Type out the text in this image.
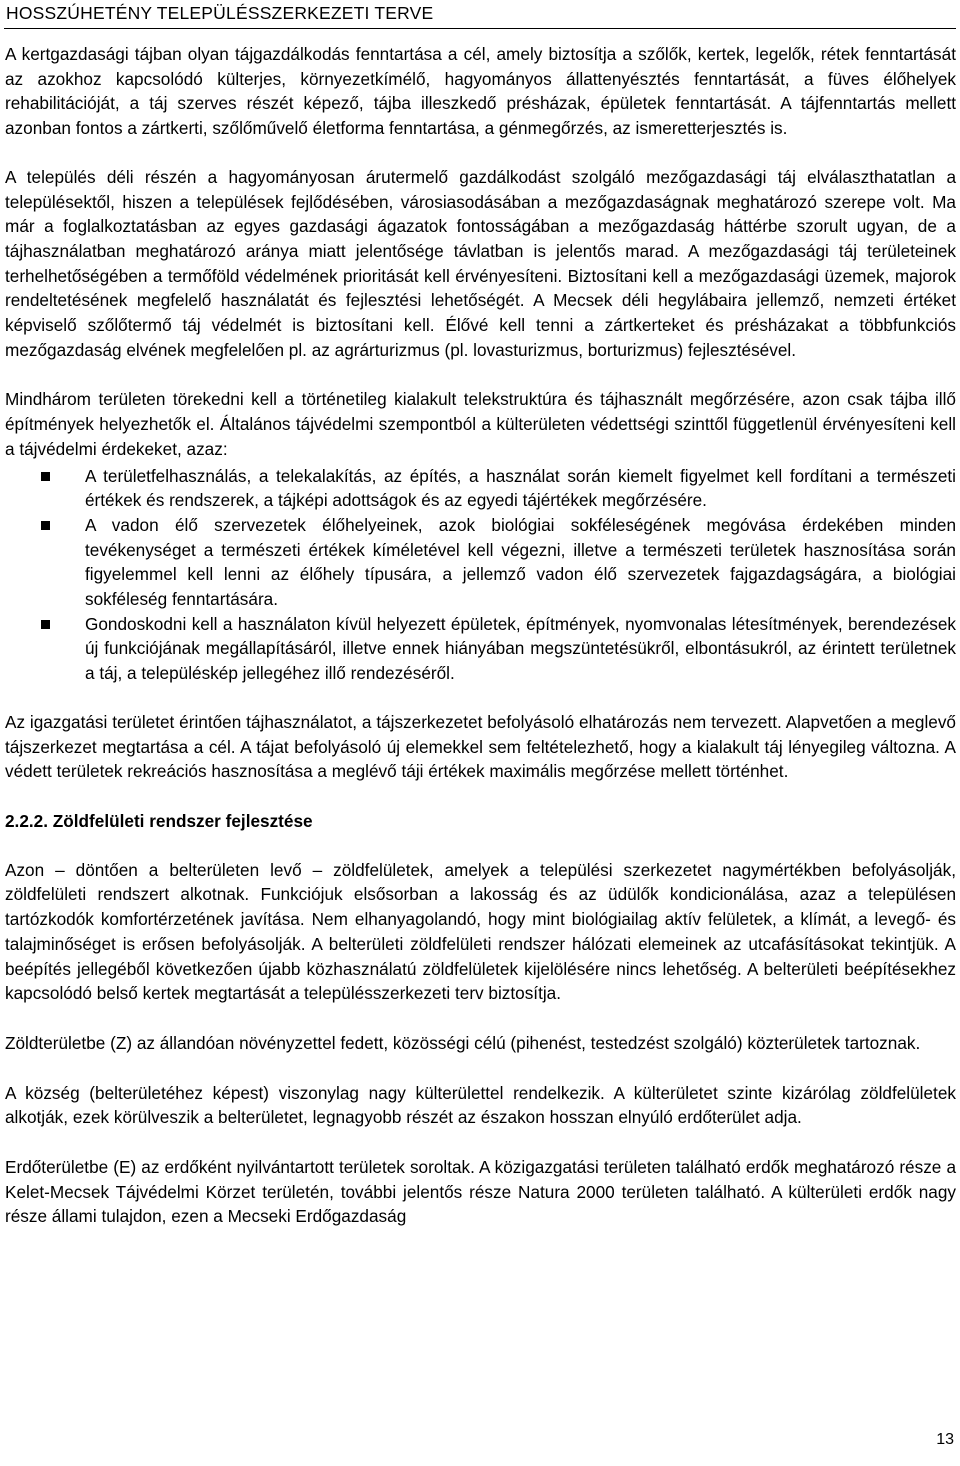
HOSSZÚHETÉNY TELEPÜLÉSSZERKEZETI TERVE

A kertgazdasági tájban olyan tájgazdálkodás fenntartása a cél, amely biztosítja a szőlők, kertek, legelők, rétek fenntartását az azokhoz kapcsolódó külterjes, környezetkímélő, hagyományos állattenyésztés fenntartását, a füves élőhelyek rehabilitációját, a táj szerves részét képező, tájba illeszkedő présházak, épületek fenntartását. A tájfenntartás mellett azonban fontos a zártkerti, szőlőművelő életforma fenntartása, a génmegőrzés, az ismeretterjesztés is.

A település déli részén a hagyományosan árutermelő gazdálkodást szolgáló mezőgazdasági táj elválaszthatatlan a településektől, hiszen a települések fejlődésében, városiasodásában a mezőgazdaságnak meghatározó szerepe volt. Ma már a foglalkoztatásban az egyes gazdasági ágazatok fontosságában a mezőgazdaság háttérbe szorult ugyan, de a tájhasználatban meghatározó aránya miatt jelentősége távlatban is jelentős marad. A mezőgazdasági táj területeinek terhelhetőségében a termőföld védelmének prioritását kell érvényesíteni. Biztosítani kell a mezőgazdasági üzemek, majorok rendeltetésének megfelelő használatát és fejlesztési lehetőségét. A Mecsek déli hegylábaira jellemző, nemzeti értéket képviselő szőlőtermő táj védelmét is biztosítani kell. Élővé kell tenni a zártkerteket és présházakat a többfunkciós mezőgazdaság elvének megfelelően pl. az agrárturizmus (pl. lovasturizmus, borturizmus) fejlesztésével.

Mindhárom területen törekedni kell a történetileg kialakult telekstruktúra és tájhasznált megőrzésére, azon csak tájba illő építmények helyezhetők el. Általános tájvédelmi szempontból a külterületen védettségi szinttől függetlenül érvényesíteni kell a tájvédelmi érdekeket, azaz:

A területfelhasználás, a telekalakítás, az építés, a használat során kiemelt figyelmet kell fordítani a természeti értékek és rendszerek, a tájképi adottságok és az egyedi tájértékek megőrzésére.
A vadon élő szervezetek élőhelyeinek, azok biológiai sokféleségének megóvása érdekében minden tevékenységet a természeti értékek kíméletével kell végezni, illetve a természeti területek hasznosítása során figyelemmel kell lenni az élőhely típusára, a jellemző vadon élő szervezetek fajgazdagságára, a biológiai sokféleség fenntartására.
Gondoskodni kell a használaton kívül helyezett épületek, építmények, nyomvonalas létesítmények, berendezések új funkciójának megállapításáról, illetve ennek hiányában megszüntetésükről, elbontásukról, az érintett területnek a táj, a településkép jellegéhez illő rendezéséről.

Az igazgatási területet érintően tájhasználatot, a tájszerkezetet befolyásoló elhatározás nem tervezett. Alapvetően a meglevő tájszerkezet megtartása a cél. A tájat befolyásoló új elemekkel sem feltételezhető, hogy a kialakult táj lényegileg változna. A védett területek rekreációs hasznosítása a meglévő táji értékek maximális megőrzése mellett történhet.

2.2.2. Zöldfelületi rendszer fejlesztése

Azon – döntően a belterületen levő – zöldfelületek, amelyek a települési szerkezetet nagymértékben befolyásolják, zöldfelületi rendszert alkotnak. Funkciójuk elsősorban a lakosság és az üdülők kondicionálása, azaz a településen tartózkodók komfortérzetének javítása. Nem elhanyagolandó, hogy mint biológiailag aktív felületek, a klímát, a levegő- és talajminőséget is erősen befolyásolják. A belterületi zöldfelületi rendszer hálózati elemeinek az utcafásításokat tekintjük. A beépítés jellegéből következően újabb közhasználatú zöldfelületek kijelölésére nincs lehetőség. A belterületi beépítésekhez kapcsolódó belső kertek megtartását a településszerkezeti terv biztosítja.

Zöldterületbe (Z) az állandóan növényzettel fedett, közösségi célú (pihenést, testedzést szolgáló) közterületek tartoznak.

A község (belterületéhez képest) viszonylag nagy külterülettel rendelkezik. A külterületet szinte kizárólag zöldfelületek alkotják, ezek körülveszik a belterületet, legnagyobb részét az északon hosszan elnyúló erdőterület adja.

Erdőterületbe (E) az erdőként nyilvántartott területek soroltak. A közigazgatási területen található erdők meghatározó része a Kelet-Mecsek Tájvédelmi Körzet területén, további jelentős része Natura 2000 területen található. A külterületi erdők nagy része állami tulajdon, ezen a Mecseki Erdőgazdaság

13
